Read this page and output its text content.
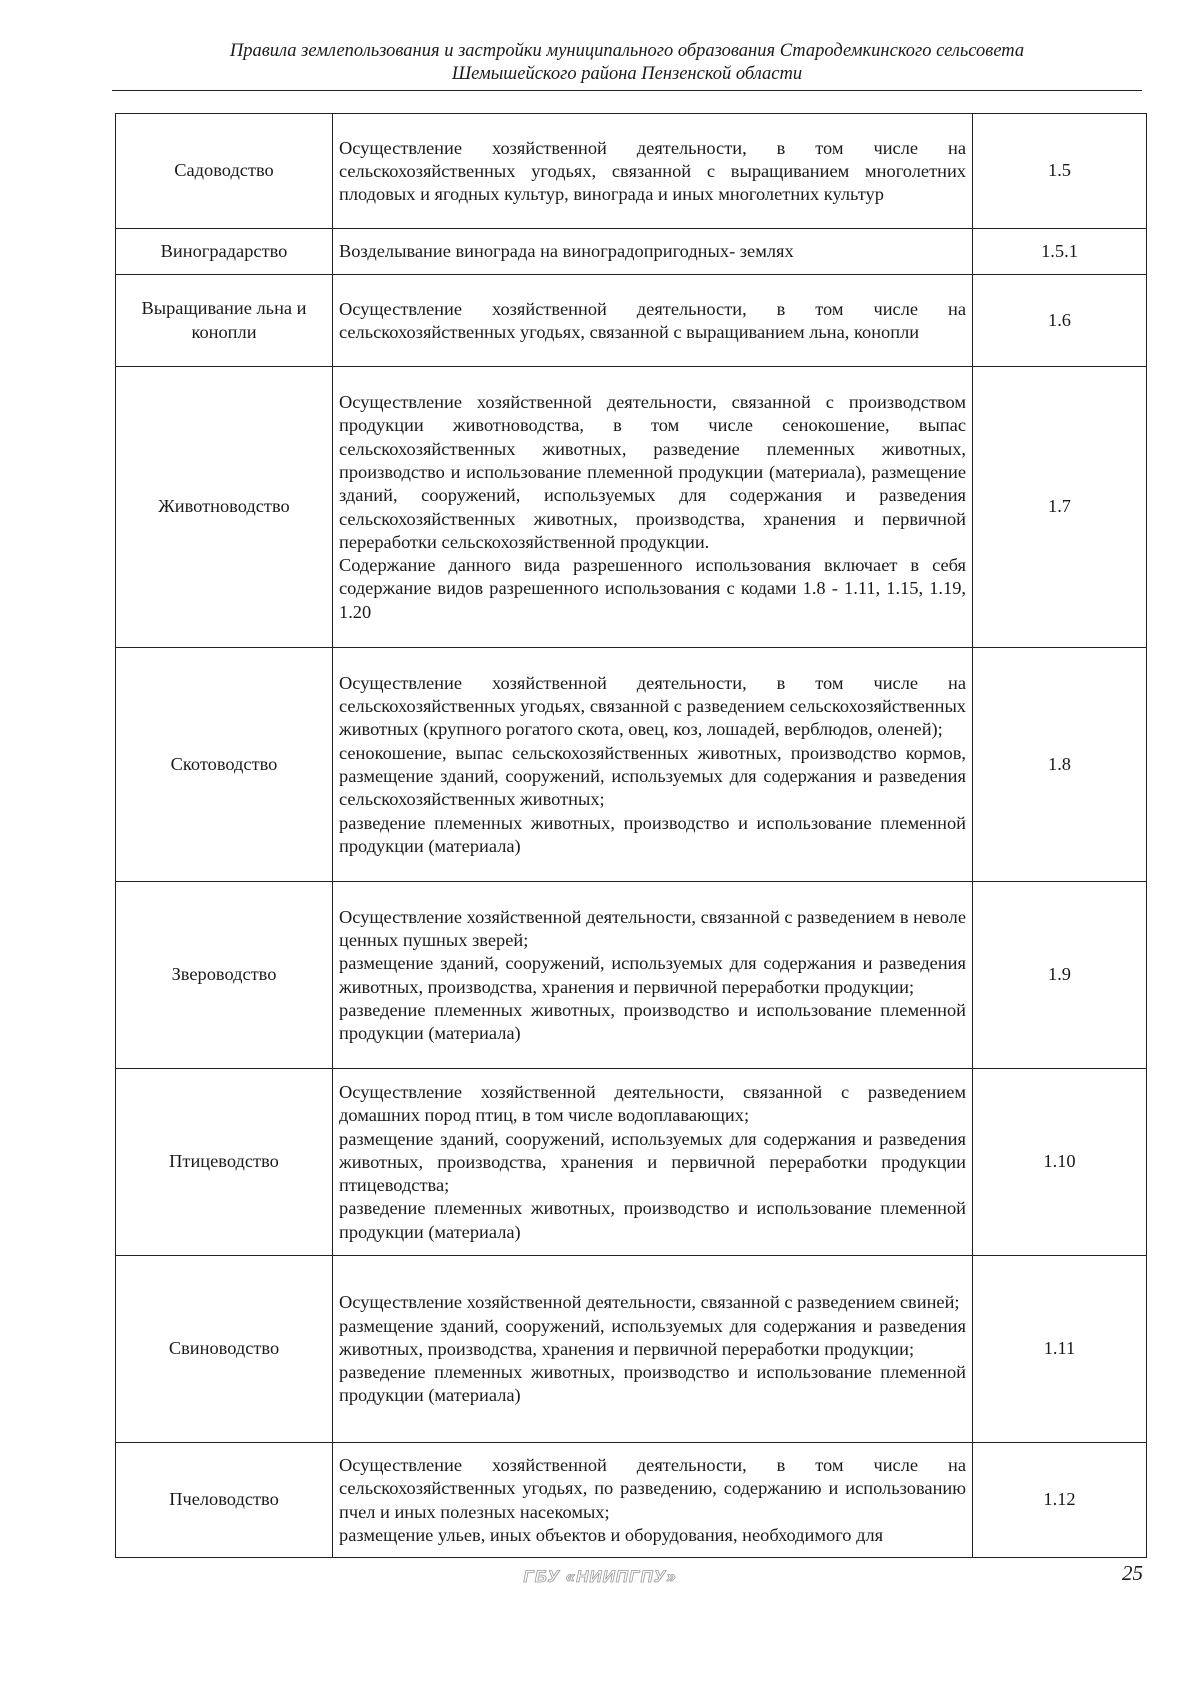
Правила землепользования и застройки муниципального образования Стародемкинского сельсовета
Шемышейского района Пензенской области
Садоводство	Осуществление хозяйственной деятельности, в том числе на сельскохозяйственных угодьях, связанной с выращиванием многолетних плодовых и ягодных культур, винограда и иных многолетних культур	1.5
Виноградарство	Возделывание винограда на виноградопригодных- землях	1.5.1
Выращивание льна и конопли	Осуществление хозяйственной деятельности, в том числе на сельскохозяйственных угодьях, связанной с выращиванием льна, конопли	1.6
Животноводство	Осуществление хозяйственной деятельности, связанной с производством продукции животноводства, в том числе сенокошение, выпас сельскохозяйственных животных, разведение племенных животных, производство и использование племенной продукции (материала), размещение зданий, сооружений, используемых для содержания и разведения сельскохозяйственных животных, производства, хранения и первичной переработки сельскохозяйственной продукции.

Содержание данного вида разрешенного использования включает в себя содержание видов разрешенного использования с кодами 1.8 - 1.11, 1.15, 1.19, 1.20	1.7
Скотоводство	Осуществление хозяйственной деятельности, в том числе на сельскохозяйственных угодьях, связанной с разведением сельскохозяйственных животных (крупного рогатого скота, овец, коз, лошадей, верблюдов, оленей);

сенокошение, выпас сельскохозяйственных животных, производство кормов, размещение зданий, сооружений, используемых для содержания и разведения сельскохозяйственных животных;

разведение племенных животных, производство и использование племенной продукции (материала)	1.8
Звероводство	Осуществление хозяйственной деятельности, связанной с разведением в неволе ценных пушных зверей;

размещение зданий, сооружений, используемых для содержания и разведения животных, производства, хранения и первичной переработки продукции;

разведение племенных животных, производство и использование племенной продукции (материала)	1.9
Птицеводство	Осуществление хозяйственной деятельности, связанной с разведением домашних пород птиц, в том числе водоплавающих;

размещение зданий, сооружений, используемых для содержания и разведения животных, производства, хранения и первичной переработки продукции птицеводства;

разведение племенных животных, производство и использование племенной продукции (материала)	1.10
Свиноводство	Осуществление хозяйственной деятельности, связанной с разведением свиней;

размещение зданий, сооружений, используемых для содержания и разведения животных, производства, хранения и первичной переработки продукции;

разведение племенных животных, производство и использование племенной продукции (материала)	1.11
Пчеловодство	Осуществление хозяйственной деятельности, в том числе на сельскохозяйственных угодьях, по разведению, содержанию и использованию пчел и иных полезных насекомых;

размещение ульев, иных объектов и оборудования, необходимого для	1.12
ГБУ «НИИПГПУ»	25
